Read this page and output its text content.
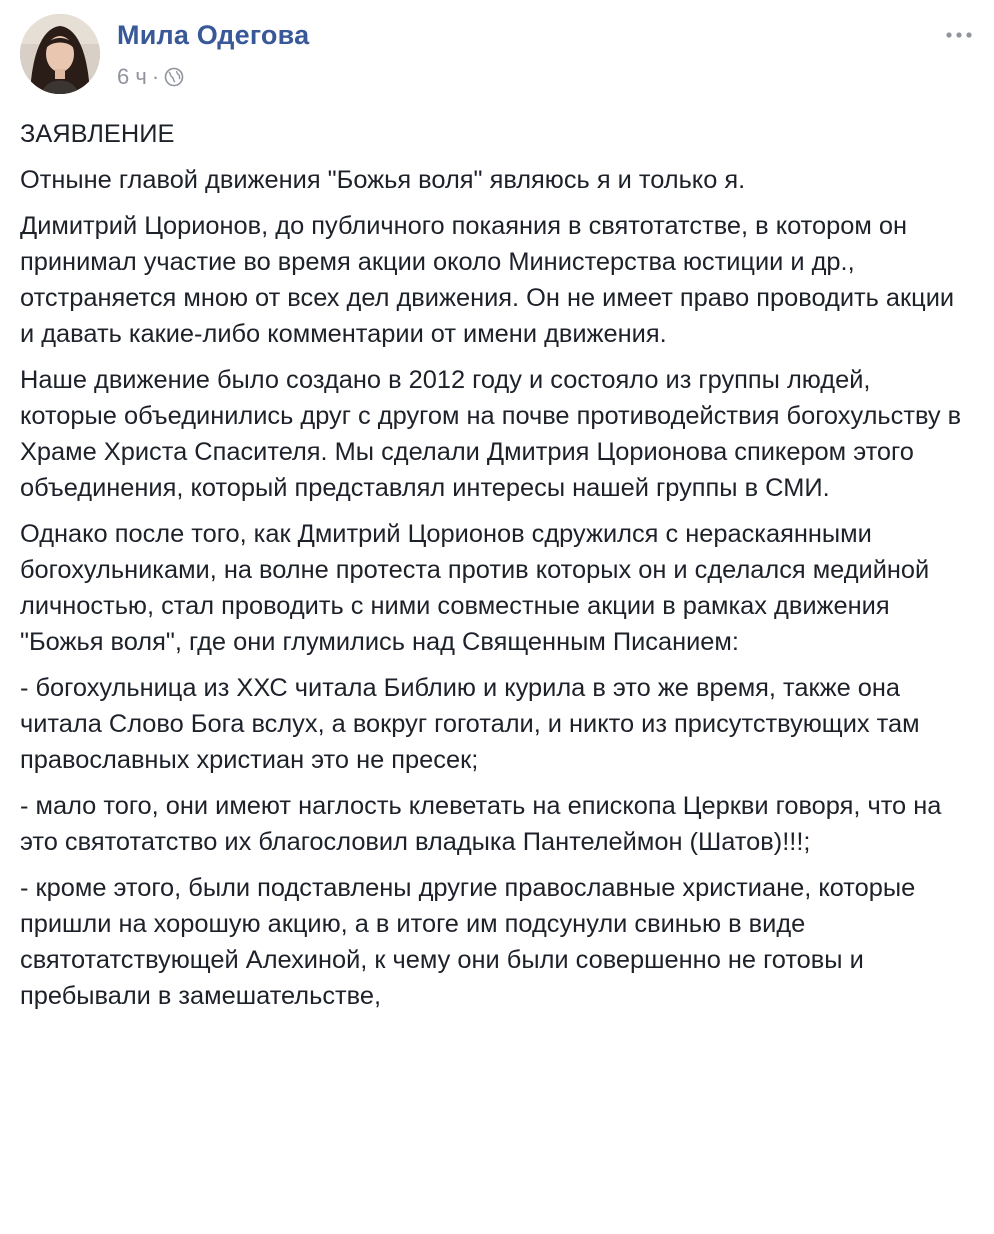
Мила Одегова
6 ч ·

ЗАЯВЛЕНИЕ

Отныне главой движения "Божья воля" являюсь я и только я.

Димитрий Цорионов, до публичного покаяния в святотатстве, в котором он принимал участие во время акции около Министерства юстиции и др., отстраняется мною от всех дел движения. Он не имеет право проводить акции и давать какие-либо комментарии от имени движения.

Наше движение было создано в 2012 году и состояло из группы людей, которые объединились друг с другом на почве противодействия богохульству в Храме Христа Спасителя. Мы сделали Дмитрия Цорионова спикером этого объединения, который представлял интересы нашей группы в СМИ.

Однако после того, как Дмитрий Цорионов сдружился с нераскаянными богохульниками, на волне протеста против которых он и сделался медийной личностью, стал проводить с ними совместные акции в рамках движения "Божья воля", где они глумились над Священным Писанием:

- богохульница из ХХС читала Библию и курила в это же время, также она читала Слово Бога вслух, а вокруг гоготали, и никто из присутствующих там православных христиан это не пресек;

- мало того, они имеют наглость клеветать на епископа Церкви говоря, что на это святотатство их благословил владыка Пантелеймон (Шатов)!!!;

- кроме этого, были подставлены другие православные христиане, которые пришли на хорошую акцию, а в итоге им подсунули свинью в виде святотатствующей Алехиной, к чему они были совершенно не готовы и пребывали в замешательстве,
